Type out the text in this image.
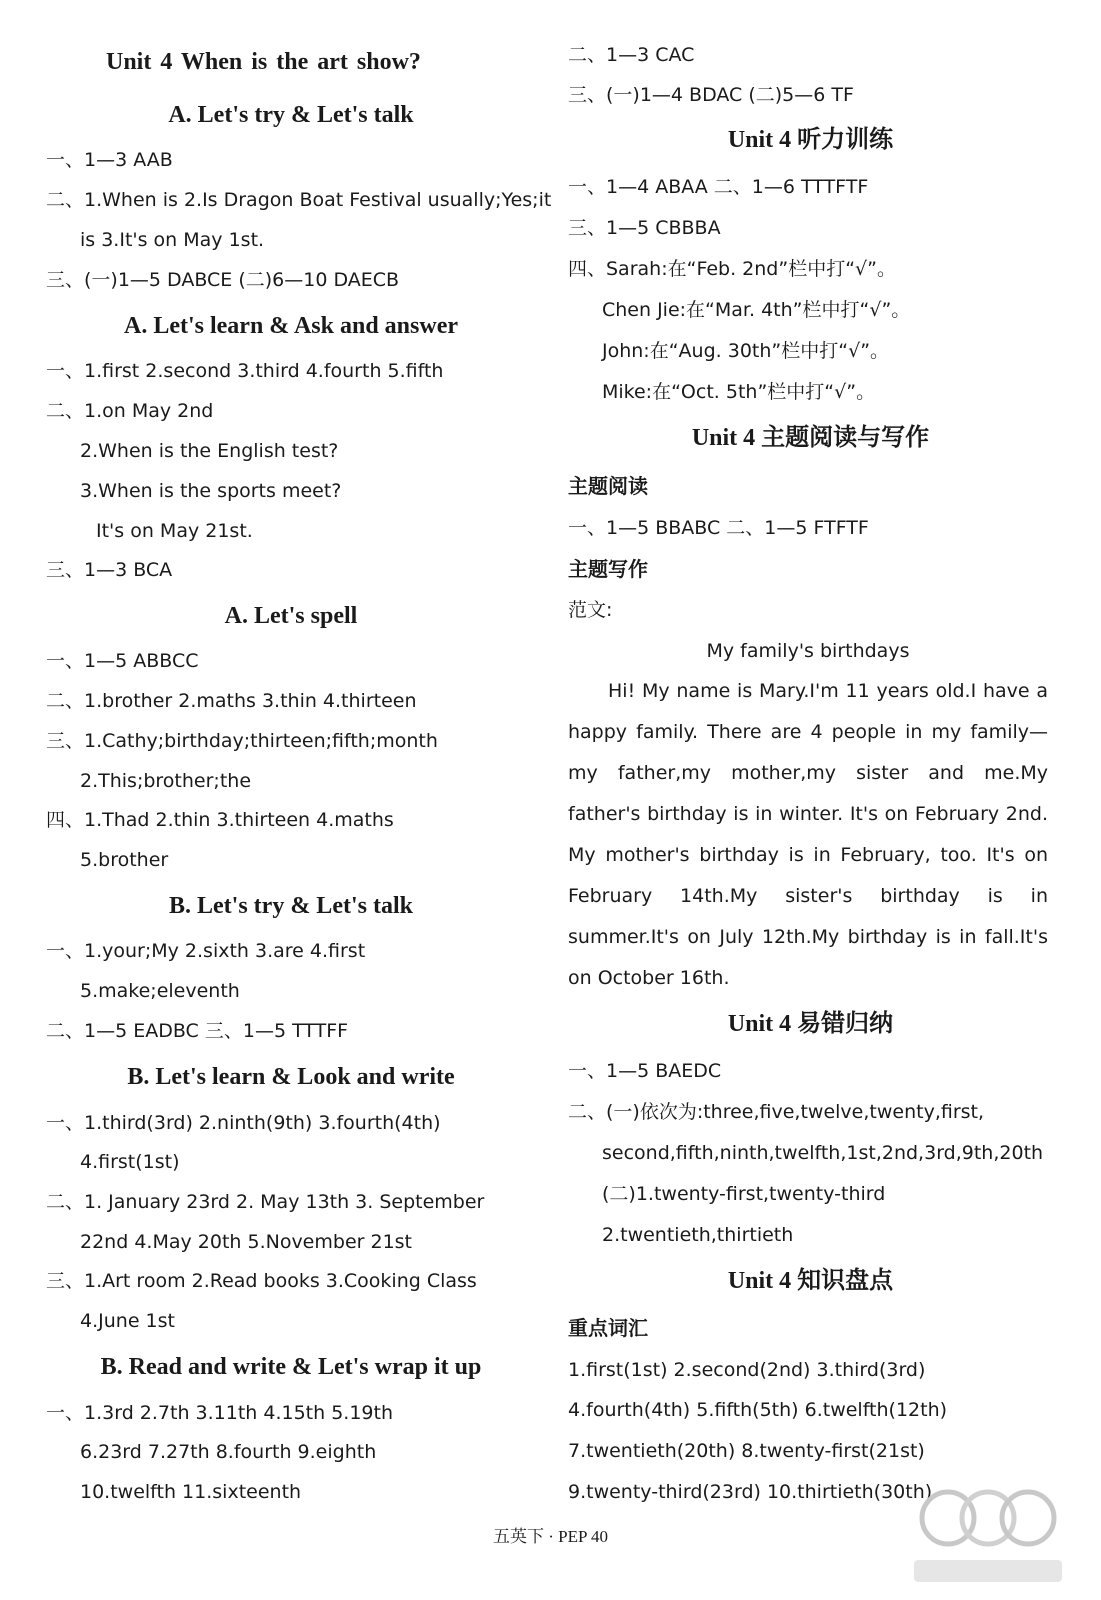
Unit 4 When is the art show?
A. Let's try & Let's talk
一、1—3 AAB
二、1.When is 2.Is Dragon Boat Festival usually;Yes;it
is 3.It's on May 1st.
三、(一)1—5 DABCE (二)6—10 DAECB
A. Let's learn & Ask and answer
一、1.first 2.second 3.third 4.fourth 5.fifth
二、1.on May 2nd
2.When is the English test?
3.When is the sports meet?
It's on May 21st.
三、1—3 BCA
A. Let's spell
一、1—5 ABBCC
二、1.brother 2.maths 3.thin 4.thirteen
三、1.Cathy;birthday;thirteen;fifth;month
2.This;brother;the
四、1.Thad 2.thin 3.thirteen 4.maths
5.brother
B. Let's try & Let's talk
一、1.your;My 2.sixth 3.are 4.first
5.make;eleventh
二、1—5 EADBC 三、1—5 TTTFF
B. Let's learn & Look and write
一、1.third(3rd) 2.ninth(9th) 3.fourth(4th)
4.first(1st)
二、1. January 23rd 2. May 13th 3. September
22nd 4.May 20th 5.November 21st
三、1.Art room 2.Read books 3.Cooking Class
4.June 1st
B. Read and write & Let's wrap it up
一、1.3rd 2.7th 3.11th 4.15th 5.19th
6.23rd 7.27th 8.fourth 9.eighth
10.twelfth 11.sixteenth
二、1—3 CAC
三、(一)1—4 BDAC (二)5—6 TF
Unit 4 听力训练
一、1—4 ABAA 二、1—6 TTTFTF
三、1—5 CBBBA
四、Sarah:在“Feb. 2nd”栏中打“√”。
Chen Jie:在“Mar. 4th”栏中打“√”。
John:在“Aug. 30th”栏中打“√”。
Mike:在“Oct. 5th”栏中打“√”。
Unit 4 主题阅读与写作
主题阅读
一、1—5 BBABC 二、1—5 FTFTF
主题写作
范文:
My family's birthdays
Hi! My name is Mary.I'm 11 years old.I have a happy family. There are 4 people in my family—my father,my mother,my sister and me.My father's birthday is in winter. It's on February 2nd. My mother's birthday is in February, too. It's on February 14th.My sister's birthday is in summer.It's on July 12th.My birthday is in fall.It's on October 16th.
Unit 4 易错归纳
一、1—5 BAEDC
二、(一)依次为:three,five,twelve,twenty,first,
second,fifth,ninth,twelfth,1st,2nd,3rd,9th,20th
(二)1.twenty-first,twenty-third
2.twentieth,thirtieth
Unit 4 知识盘点
重点词汇
1.first(1st) 2.second(2nd) 3.third(3rd)
4.fourth(4th) 5.fifth(5th) 6.twelfth(12th)
7.twentieth(20th) 8.twenty-first(21st)
9.twenty-third(23rd) 10.thirtieth(30th)
五英下 · PEP 40
